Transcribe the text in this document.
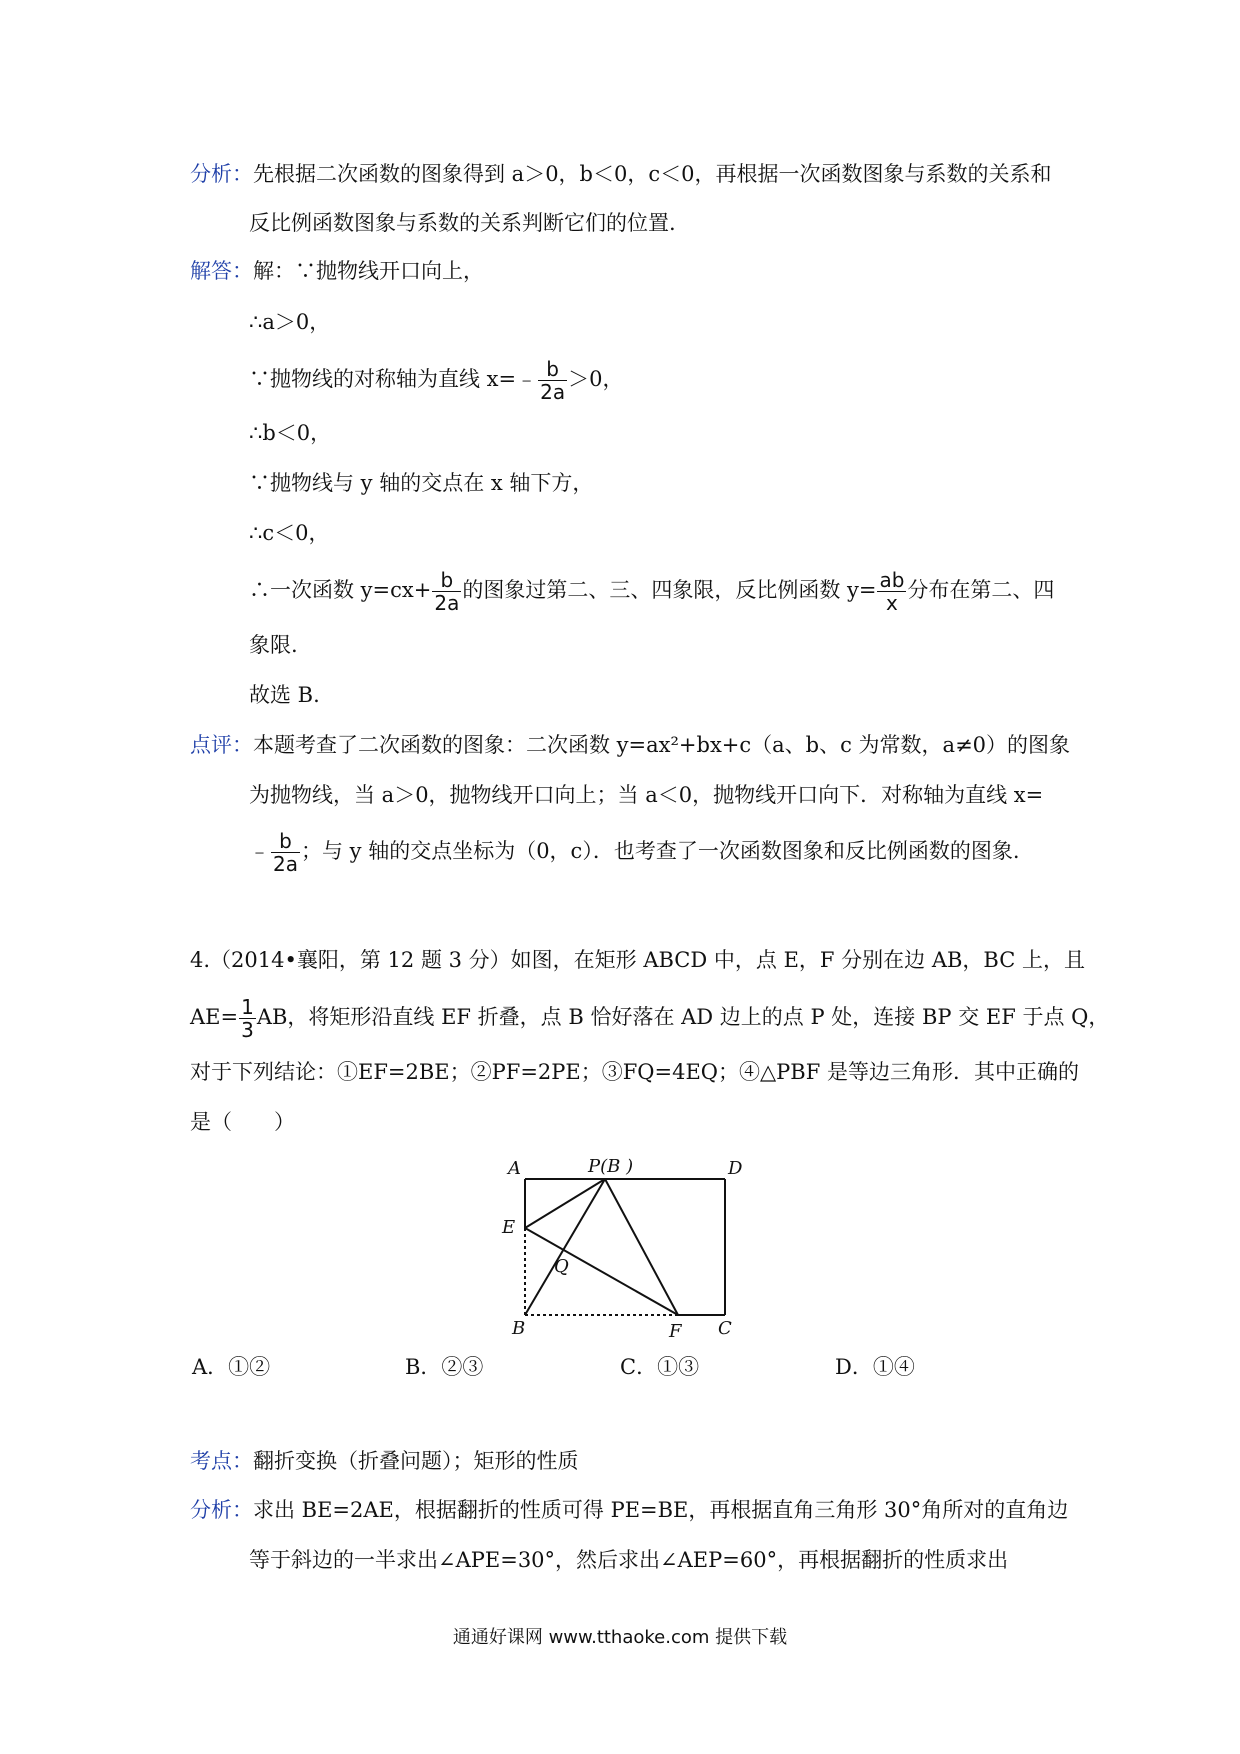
分析：先根据二次函数的图象得到 a＞0，b＜0，c＜0，再根据一次函数图象与系数的关系和
反比例函数图象与系数的关系判断它们的位置.
解答：解：∵抛物线开口向上，
∴a＞0，
∵抛物线的对称轴为直线 x=﹣ $\frac{b}{2a} >0$，
∴b＜0，
∵抛物线与 y 轴的交点在 x 轴下方，
∴c＜0，
∴一次函数 $y=cx+ \frac{b}{2a}$ 的图象过第二、三、四象限，反比例函数 $y= \frac{ab}{x}$ 分布在第二、四
象限.
故选 B.
点评：本题考查了二次函数的图象：二次函数 y=ax²+bx+c（a、b、c 为常数，a≠0）的图象
为抛物线，当 a＞0，抛物线开口向上；当 a＜0，抛物线开口向下．对称轴为直线 x=
﹣ $\frac{b}{2a}$ ；与 y 轴的交点坐标为（0，c）．也考查了一次函数图象和反比例函数的图象.
4.（2014•襄阳，第 12 题 3 分）如图，在矩形 ABCD 中，点 E，F 分别在边 AB，BC 上，且
$AE= \frac{1}{3}$ AB，将矩形沿直线 EF 折叠，点 B 恰好落在 AD 边上的点 P 处，连接 BP 交 EF 于点 Q，
对于下列结论：①EF=2BE；②PF=2PE；③FQ=4EQ；④△PBF 是等边三角形．其中正确的
是（　　）
A	P(B )	D
E
Q
B	F C
A．①②	B．②③	C．①③	D．①④
考点：翻折变换（折叠问题）；矩形的性质
分析：求出 BE=2AE，根据翻折的性质可得 PE=BE，再根据直角三角形 30°角所对的直角边
等于斜边的一半求出∠APE=30°，然后求出∠AEP=60°，再根据翻折的性质求出
通通好课网 www.tthaoke.com 提供下载
